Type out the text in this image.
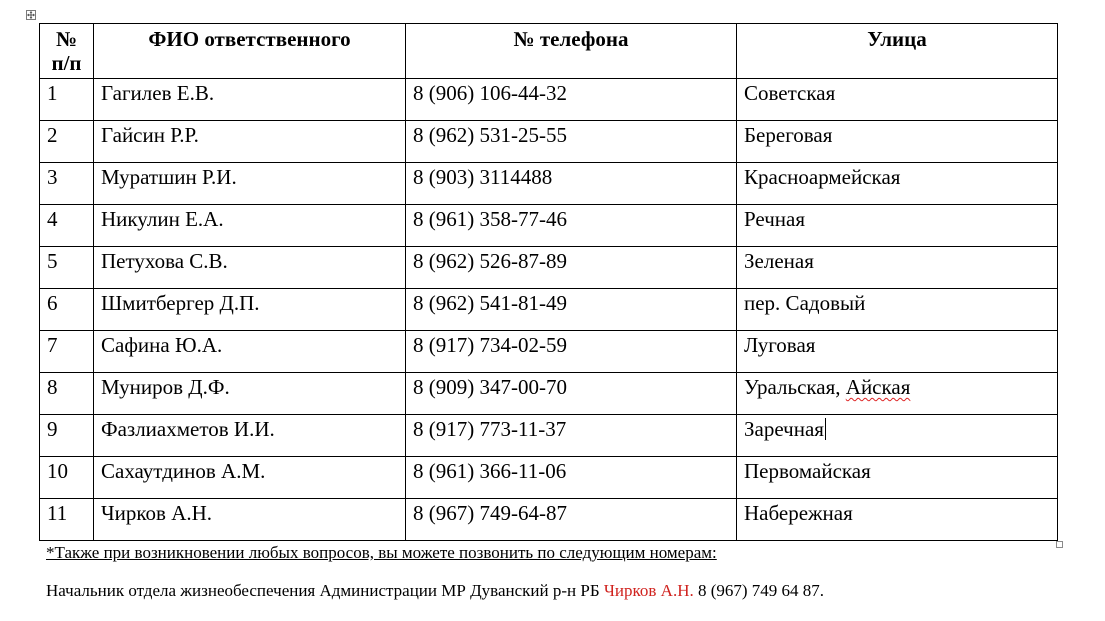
№ п/п	ФИО ответственного	№ телефона	Улица
1	Гагилев Е.В.	8 (906) 106-44-32	Советская
2	Гайсин Р.Р.	8 (962) 531-25-55	Береговая
3	Муратшин Р.И.	8 (903) 3114488	Красноармейская
4	Никулин Е.А.	8 (961) 358-77-46	Речная
5	Петухова С.В.	8 (962) 526-87-89	Зеленая
6	Шмитбергер Д.П.	8 (962) 541-81-49	пер. Садовый
7	Сафина Ю.А.	8 (917) 734-02-59	Луговая
8	Муниров Д.Ф.	8 (909) 347-00-70	Уральская, Айская
9	Фазлиахметов И.И.	8 (917) 773-11-37	Заречная
10	Сахаутдинов А.М.	8 (961) 366-11-06	Первомайская
11	Чирков А.Н.	8 (967) 749-64-87	Набережная
*Также при возникновении любых вопросов, вы можете позвонить по следующим номерам:
Начальник отдела жизнеобеспечения Администрации МР Дуванский р-н РБ Чирков А.Н. 8 (967) 749 64 87.
